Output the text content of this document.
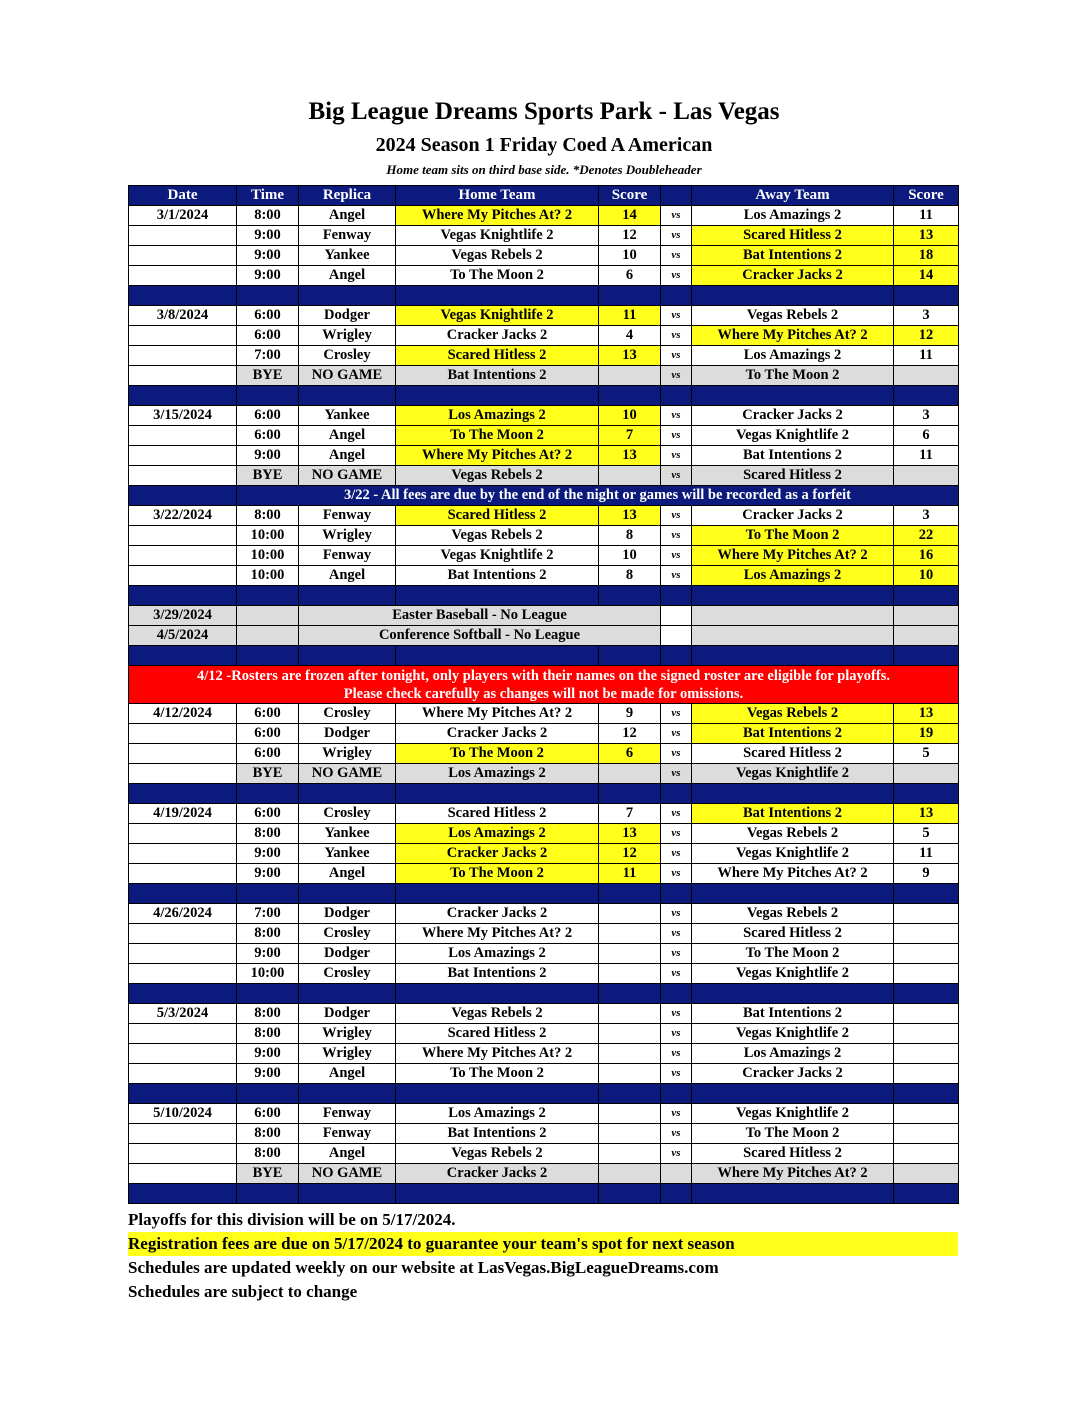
Big League Dreams Sports Park - Las Vegas
2024 Season 1 Friday Coed A American
Home team sits on third base side. *Denotes Doubleheader
Date	Time	Replica	Home Team	Score		Away Team	Score
3/1/2024	8:00	Angel	Where My Pitches At? 2	14	vs	Los Amazings 2	11
	9:00	Fenway	Vegas Knightlife 2	12	vs	Scared Hitless 2	13
	9:00	Yankee	Vegas Rebels 2	10	vs	Bat Intentions 2	18
	9:00	Angel	To The Moon 2	6	vs	Cracker Jacks 2	14

3/8/2024	6:00	Dodger	Vegas Knightlife 2	11	vs	Vegas Rebels 2	3
	6:00	Wrigley	Cracker Jacks 2	4	vs	Where My Pitches At? 2	12
	7:00	Crosley	Scared Hitless 2	13	vs	Los Amazings 2	11
	BYE	NO GAME	Bat Intentions 2		vs	To The Moon 2	

3/15/2024	6:00	Yankee	Los Amazings 2	10	vs	Cracker Jacks 2	3
	6:00	Angel	To The Moon 2	7	vs	Vegas Knightlife 2	6
	9:00	Angel	Where My Pitches At? 2	13	vs	Bat Intentions 2	11
	BYE	NO GAME	Vegas Rebels 2		vs	Scared Hitless 2	
	3/22 - All fees are due by the end of the night or games will be recorded as a forfeit						
3/22/2024	8:00	Fenway	Scared Hitless 2	13	vs	Cracker Jacks 2	3
	10:00	Wrigley	Vegas Rebels 2	8	vs	To The Moon 2	22
	10:00	Fenway	Vegas Knightlife 2	10	vs	Where My Pitches At? 2	16
	10:00	Angel	Bat Intentions 2	8	vs	Los Amazings 2	10

3/29/2024		Easter Baseball - No League					
4/5/2024		Conference Softball - No League					

4/12 -Rosters are frozen after tonight, only players with their names on the signed roster are eligible for playoffs.
Please check carefully as changes will not be made for omissions.							

4/12/2024	6:00	Crosley	Where My Pitches At? 2	9	vs	Vegas Rebels 2	13
	6:00	Dodger	Cracker Jacks 2	12	vs	Bat Intentions 2	19
	6:00	Wrigley	To The Moon 2	6	vs	Scared Hitless 2	5
	BYE	NO GAME	Los Amazings 2		vs	Vegas Knightlife 2	

4/19/2024	6:00	Crosley	Scared Hitless 2	7	vs	Bat Intentions 2	13
	8:00	Yankee	Los Amazings 2	13	vs	Vegas Rebels 2	5
	9:00	Yankee	Cracker Jacks 2	12	vs	Vegas Knightlife 2	11
	9:00	Angel	To The Moon 2	11	vs	Where My Pitches At? 2	9

4/26/2024	7:00	Dodger	Cracker Jacks 2		vs	Vegas Rebels 2	
	8:00	Crosley	Where My Pitches At? 2		vs	Scared Hitless 2	
	9:00	Dodger	Los Amazings 2		vs	To The Moon 2	
	10:00	Crosley	Bat Intentions 2		vs	Vegas Knightlife 2	

5/3/2024	8:00	Dodger	Vegas Rebels 2		vs	Bat Intentions 2	
	8:00	Wrigley	Scared Hitless 2		vs	Vegas Knightlife 2	
	9:00	Wrigley	Where My Pitches At? 2		vs	Los Amazings 2	
	9:00	Angel	To The Moon 2		vs	Cracker Jacks 2	

5/10/2024	6:00	Fenway	Los Amazings 2		vs	Vegas Knightlife 2	
	8:00	Fenway	Bat Intentions 2		vs	To The Moon 2	
	8:00	Angel	Vegas Rebels 2		vs	Scared Hitless 2	
	BYE	NO GAME	Cracker Jacks 2			Where My Pitches At? 2	

Playoffs for this division will be on 5/17/2024.
Registration fees are due on 5/17/2024 to guarantee your team's spot for next season
Schedules are updated weekly on our website at LasVegas.BigLeagueDreams.com
Schedules are subject to change
